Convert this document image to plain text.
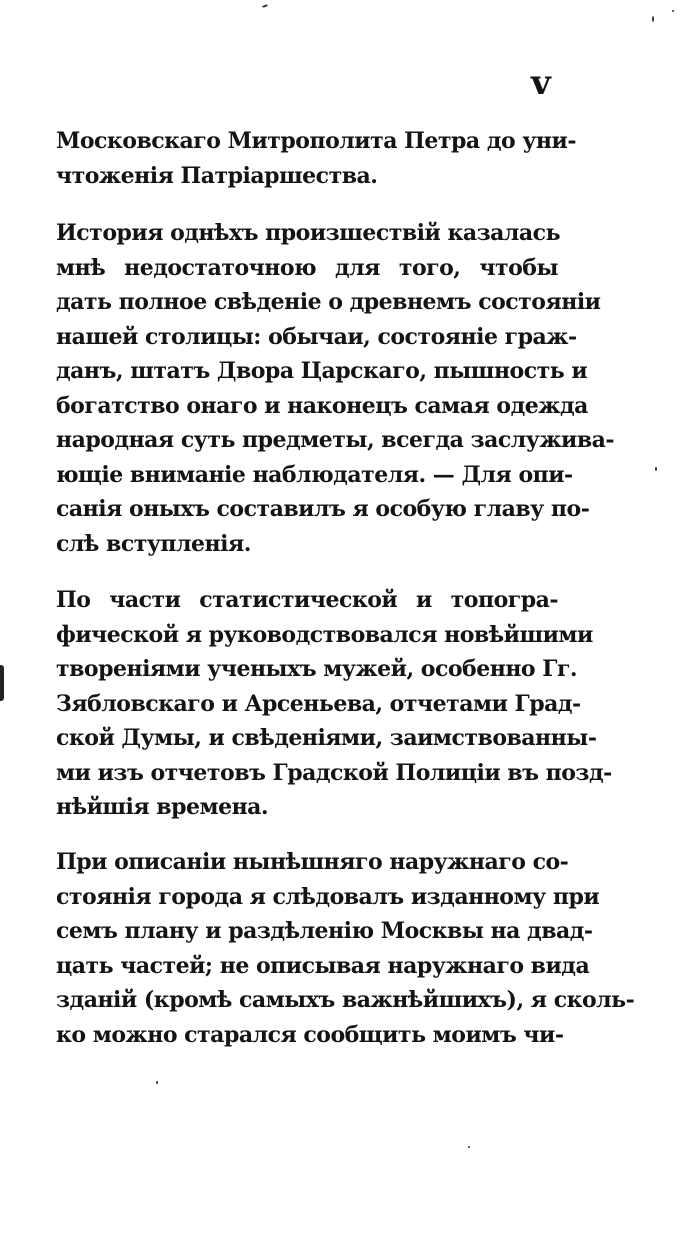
v
Московскаго Митрополита Петра до уни-
чтоженія Патріаршества.
История однѣхъ произшествій казалась
мнѣ недостаточною для того, чтобы
дать полное свѣденіе о древнемъ состояніи
нашей столицы: обычаи, состояніе граж-
данъ, штатъ Двора Царскаго, пышность и
богатство онаго и наконецъ самая одежда
народная суть предметы, всегда заслужива-
ющіе вниманіе наблюдателя. — Для опи-
санія оныхъ составилъ я особую главу по-
слѣ вступленія.
По части статистической и топогра-
фической я руководствовался новѣйшими
твореніями ученыхъ мужей, особенно Гг.
Зябловскаго и Арсеньева, отчетами Град-
ской Думы, и свѣденіями, заимствованны-
ми изъ отчетовъ Градской Полиціи въ позд-
нѣйшія времена.
При описаніи нынѣшняго наружнаго со-
стоянія города я слѣдовалъ изданному при
семъ плану и раздѣленію Москвы на двад-
цать частей; не описывая наружнаго вида
зданій (кромѣ самыхъ важнѣйшихъ), я сколь-
ко можно старался сообщить моимъ чи-
